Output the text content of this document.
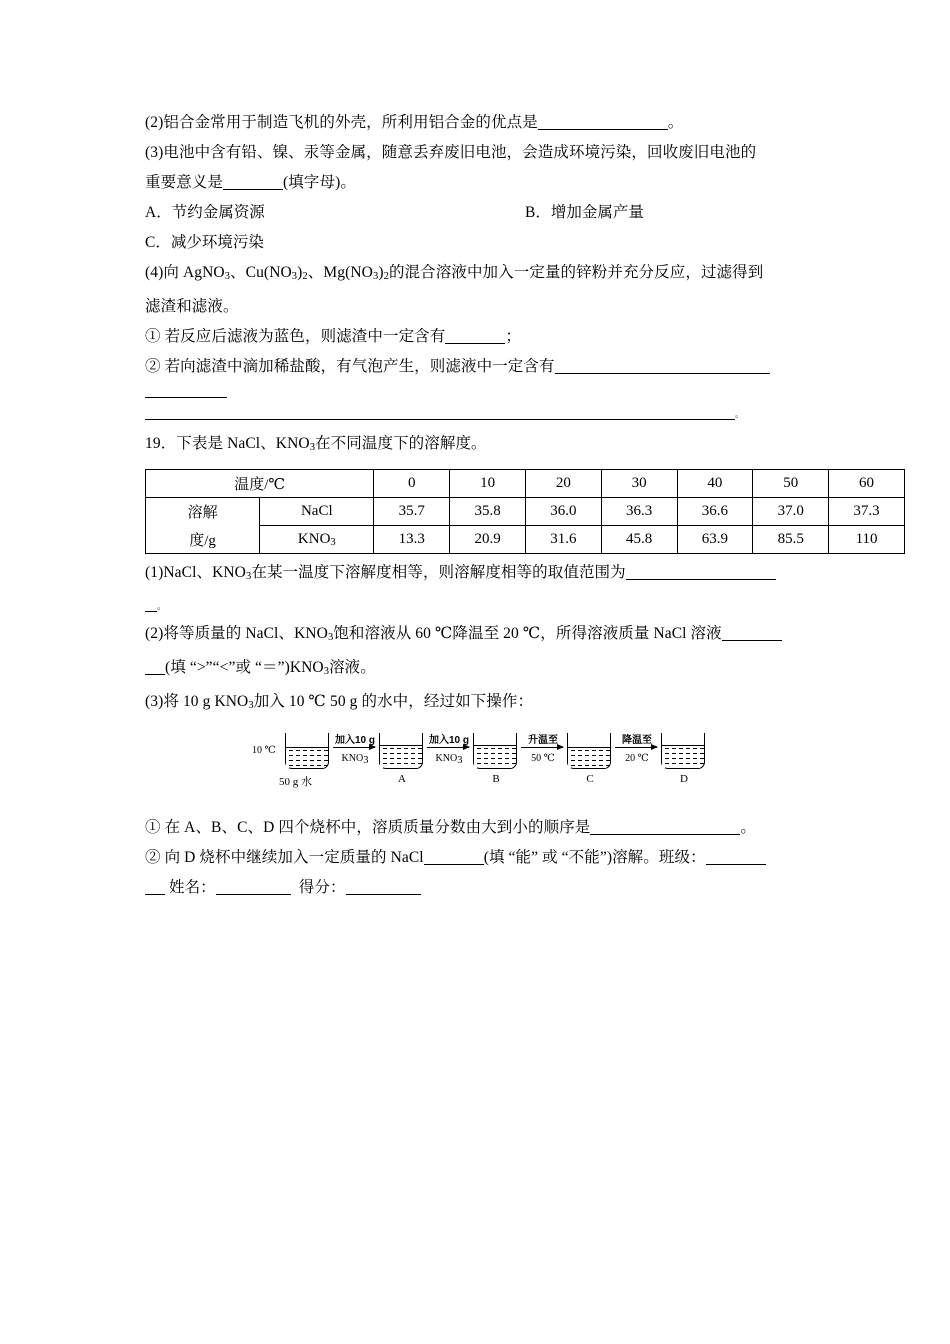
(2)铝合金常用于制造飞机的外壳，所利用铝合金的优点是	。
(3)电池中含有铅、镍、汞等金属，随意丢弃废旧电池，会造成环境污染，回收废旧电池的
重要意义是	(填字母)。
A．节约金属资源	B．增加金属产量
C．减少环境污染
(4)向 AgNO3、Cu(NO3)2、Mg(NO3)2的混合溶液中加入一定量的锌粉并充分反应，过滤得到
滤渣和滤液。
① 若反应后滤液为蓝色，则滤渣中一定含有	；
② 若向滤渣中滴加稀盐酸，有气泡产生，则滤液中一定含有
。
19．下表是 NaCl、KNO3在不同温度下的溶解度。
温度/℃		0	10	20	30	40	50	60
溶解	NaCl	35.7	35.8	36.0	36.3	36.6	37.0	37.3
度/g	KNO3	13.3	20.9	31.6	45.8	63.9	85.5	110
(1)NaCl、KNO3在某一温度下溶解度相等，则溶解度相等的取值范围为
。
(2)将等质量的 NaCl、KNO3饱和溶液从 60 ℃降温至 20 ℃，所得溶液质量 NaCl 溶液
(填 “>”“<”或 “＝”)KNO3溶液。
(3)将 10 g KNO3加入 10 ℃ 50 g 的水中，经过如下操作：
10 ℃
50 g 水
加入10 g
KNO3
A
加入10 g
KNO3
B
升温至
50 ℃
C
降温至
20 ℃
D
① 在 A、B、C、D 四个烧杯中，溶质质量分数由大到小的顺序是	。
② 向 D 烧杯中继续加入一定质量的 NaCl	(填 “能” 或 “不能”)溶解。班级：
姓名：	得分：
